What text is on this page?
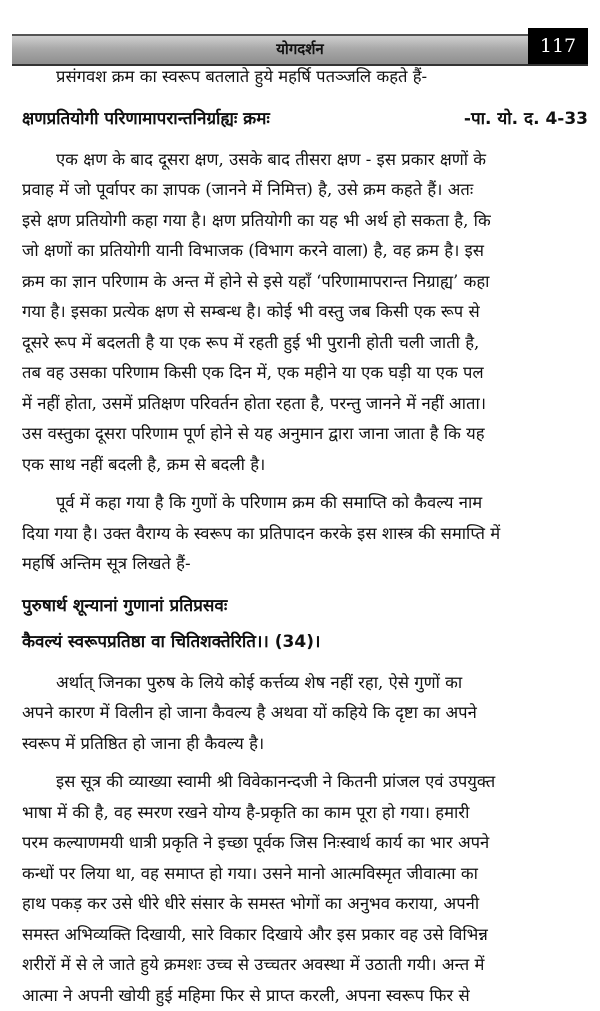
योगदर्शन	117
प्रसंगवश क्रम का स्वरूप बतलाते हुये महर्षि पतञ्जलि कहते हैं-
क्षणप्रतियोगी परिणामापरान्तनिर्ग्राह्यः क्रमः	-पा. यो. द. 4-33
एक क्षण के बाद दूसरा क्षण, उसके बाद तीसरा क्षण - इस प्रकार क्षणों के
प्रवाह में जो पूर्वापर का ज्ञापक (जानने में निमित्त) है, उसे क्रम कहते हैं। अतः
इसे क्षण प्रतियोगी कहा गया है। क्षण प्रतियोगी का यह भी अर्थ हो सकता है, कि
जो क्षणों का प्रतियोगी यानी विभाजक (विभाग करने वाला) है, वह क्रम है। इस
क्रम का ज्ञान परिणाम के अन्त में होने से इसे यहाँ ‘परिणामापरान्त निग्राह्य’ कहा
गया है। इसका प्रत्येक क्षण से सम्बन्ध है। कोई भी वस्तु जब किसी एक रूप से
दूसरे रूप में बदलती है या एक रूप में रहती हुई भी पुरानी होती चली जाती है,
तब वह उसका परिणाम किसी एक दिन में, एक महीने या एक घड़ी या एक पल
में नहीं होता, उसमें प्रतिक्षण परिवर्तन होता रहता है, परन्तु जानने में नहीं आता।
उस वस्तुका दूसरा परिणाम पूर्ण होने से यह अनुमान द्वारा जाना जाता है कि यह
एक साथ नहीं बदली है, क्रम से बदली है।
पूर्व में कहा गया है कि गुणों के परिणाम क्रम की समाप्ति को कैवल्य नाम
दिया गया है। उक्त वैराग्य के स्वरूप का प्रतिपादन करके इस शास्त्र की समाप्ति में
महर्षि अन्तिम सूत्र लिखते हैं-
पुरुषार्थ शून्यानां गुणानां प्रतिप्रसवः
कैवल्यं स्वरूपप्रतिष्ठा वा चितिशक्तेरिति।। (34)।
अर्थात् जिनका पुरुष के लिये कोई कर्त्तव्य शेष नहीं रहा, ऐसे गुणों का
अपने कारण में विलीन हो जाना कैवल्य है अथवा यों कहिये कि दृष्टा का अपने
स्वरूप में प्रतिष्ठित हो जाना ही कैवल्य है।
इस सूत्र की व्याख्या स्वामी श्री विवेकानन्दजी ने कितनी प्रांजल एवं उपयुक्त
भाषा में की है, वह स्मरण रखने योग्य है-प्रकृति का काम पूरा हो गया। हमारी
परम कल्याणमयी धात्री प्रकृति ने इच्छा पूर्वक जिस निःस्वार्थ कार्य का भार अपने
कन्धों पर लिया था, वह समाप्त हो गया। उसने मानो आत्मविस्मृत जीवात्मा का
हाथ पकड़ कर उसे धीरे धीरे संसार के समस्त भोगों का अनुभव कराया, अपनी
समस्त अभिव्यक्ति दिखायी, सारे विकार दिखाये और इस प्रकार वह उसे विभिन्न
शरीरों में से ले जाते हुये क्रमशः उच्च से उच्चतर अवस्था में उठाती गयी। अन्त में
आत्मा ने अपनी खोयी हुई महिमा फिर से प्राप्त करली, अपना स्वरूप फिर से
